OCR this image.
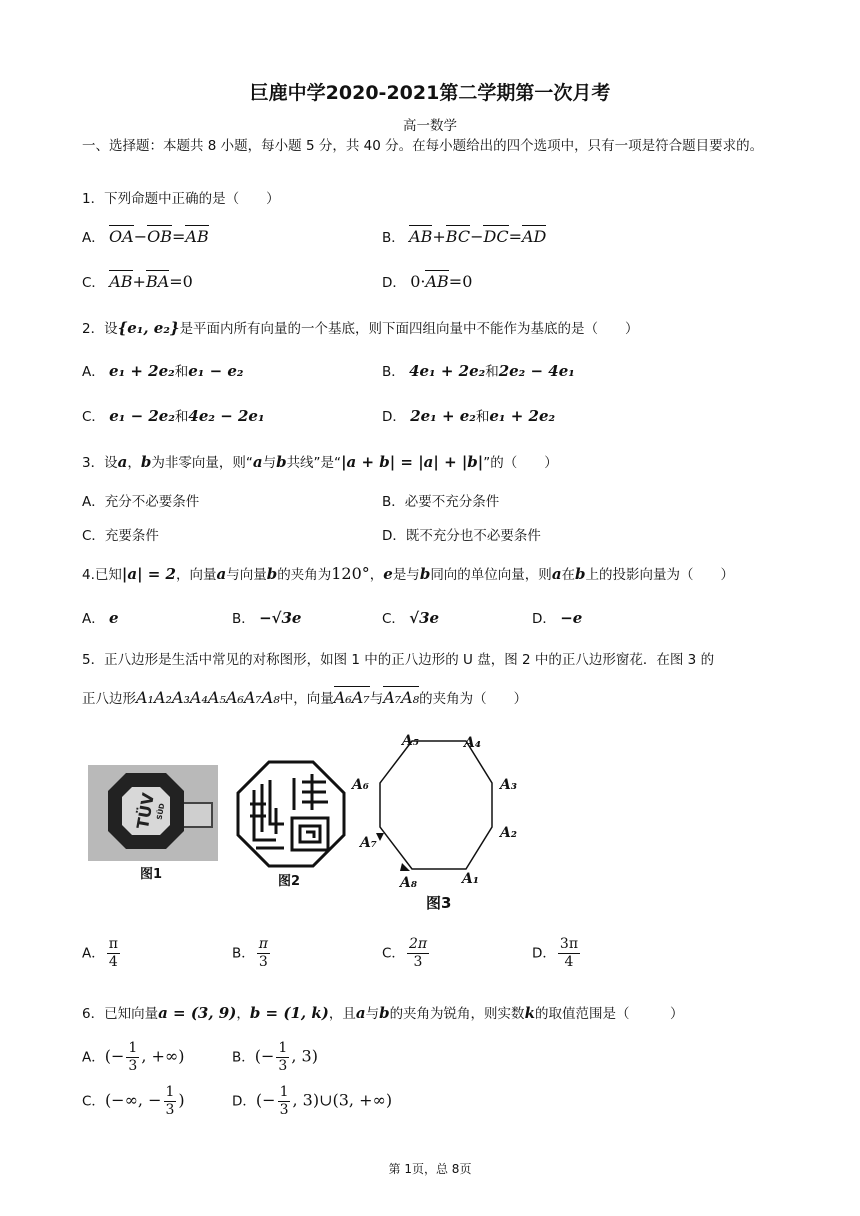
巨鹿中学2020-2021第二学期第一次月考
高一数学
一、选择题：本题共 8 小题，每小题 5 分，共 40 分。在每小题给出的四个选项中，只有一项是符合题目要求的。
1．下列命题中正确的是（　　）
A． OA−OB=AB	B． AB+BC−DC=AD
C． AB+BA=0	D． 0·AB=0
2．设{e₁, e₂}是平面内所有向量的一个基底，则下面四组向量中不能作为基底的是（　　）
A． e₁ + 2e₂和e₁ − e₂	B． 4e₁ + 2e₂和2e₂ − 4e₁
C． e₁ − 2e₂和4e₂ − 2e₁	D． 2e₁ + e₂和e₁ + 2e₂
3．设a，b为非零向量，则“a与b共线”是“|a + b| = |a| + |b|”的（　　）
A．充分不必要条件	B．必要不充分条件
C．充要条件	D．既不充分也不必要条件
4.已知|a| = 2，向量a与向量b的夹角为120°，e是与b同向的单位向量，则a在b上的投影向量为（　　）
A． e	B． −√3e	C． √3e	D． −e
5．正八边形是生活中常见的对称图形，如图 1 中的正八边形的 U 盘，图 2 中的正八边形窗花．在图 3 的
正八边形A₁A₂A₃A₄A₅A₆A₇A₈中，向量A₆A₇与A₇A₈的夹角为（　　）
TÜV
SÜD
图1	图2	A₁
A₂
A₃
A₄
A₅
A₆
A₇
A₈
图3
A． $\frac{\pi}{4}$	B． $\frac{\pi}{3}$	C． $\frac{2\pi}{3}$	D． $\frac{3\pi}{4}$
6．已知向量a = (3, 9)，b = (1, k)，且a与b的夹角为锐角，则实数k的取值范围是（　　　）
A．(− $\frac{1}{3}$ , +∞)	B．(− $\frac{1}{3}$ , 3)
C．(−∞, − $\frac{1}{3}$ )	D．(− $\frac{1}{3}$ , 3)∪(3, +∞)
第 1页，总 8页
